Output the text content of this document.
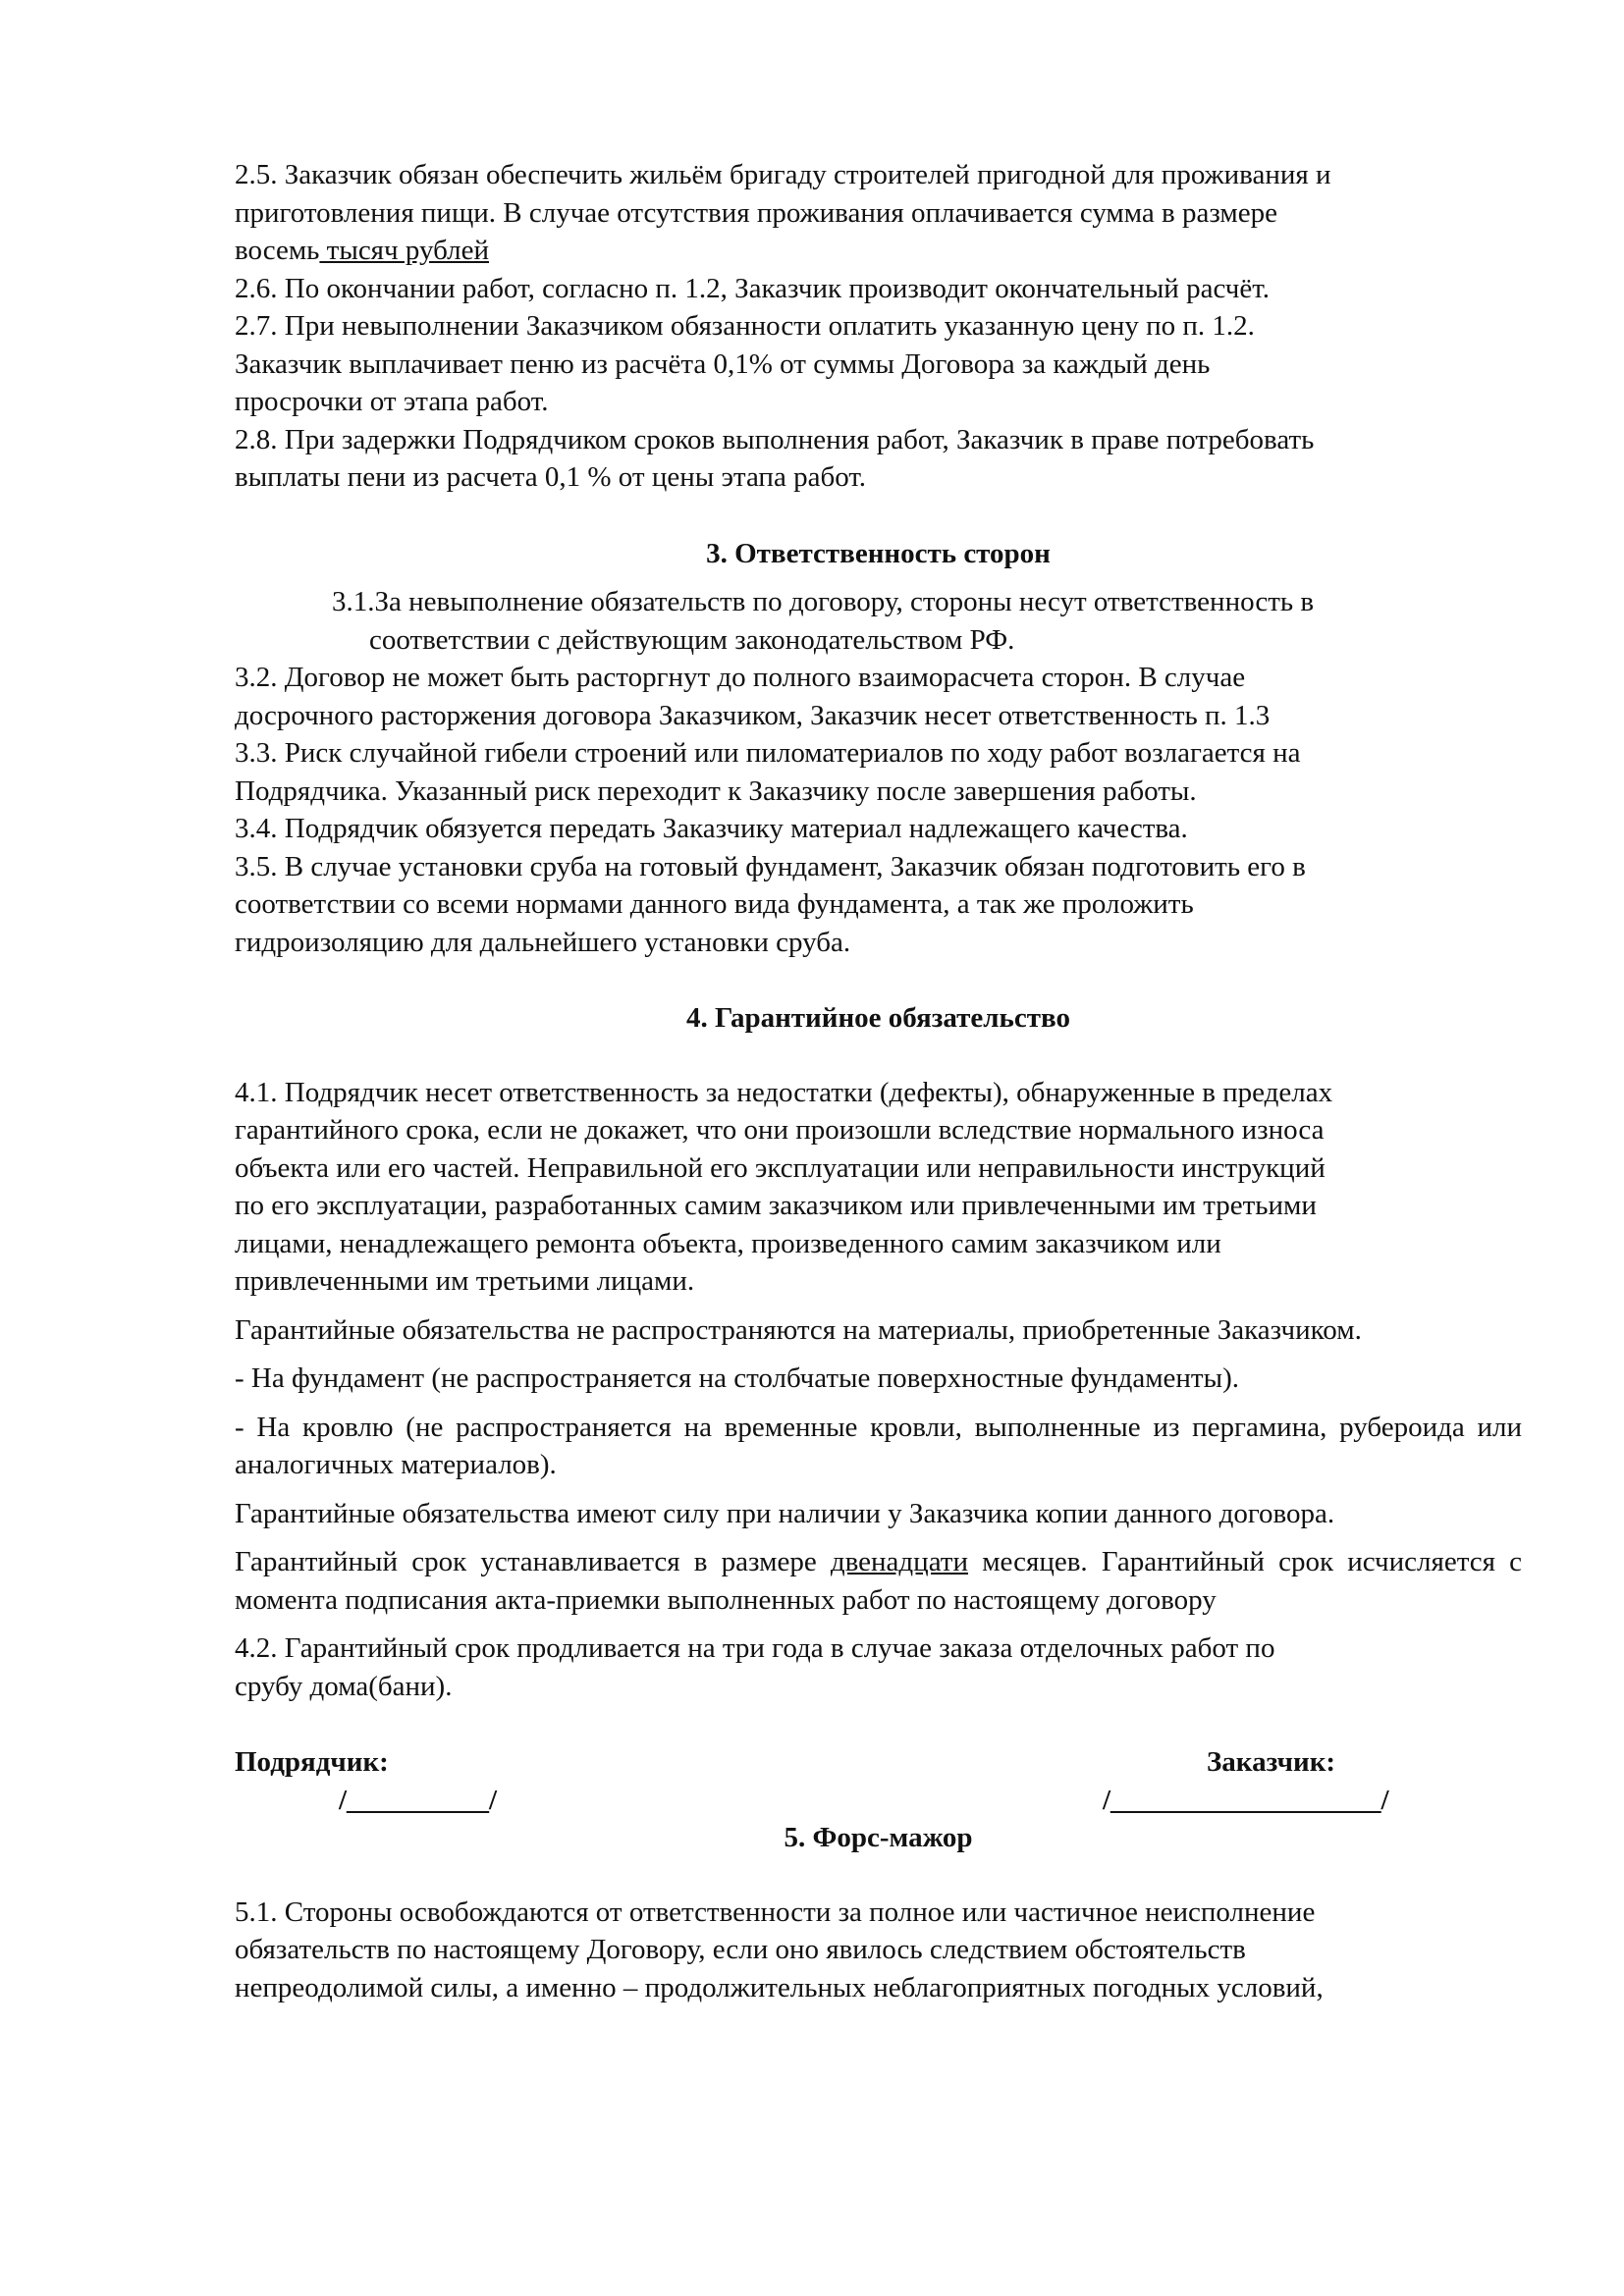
2.5. Заказчик обязан обеспечить жильём бригаду строителей пригодной для проживания и
приготовления пищи. В случае отсутствия проживания оплачивается сумма в размере
восемь тысяч рублей

2.6. По окончании работ, согласно п. 1.2, Заказчик производит окончательный расчёт.

2.7. При невыполнении Заказчиком обязанности оплатить указанную цену по п. 1.2.
Заказчик выплачивает пеню из расчёта 0,1% от суммы Договора за каждый день
просрочки от этапа работ.

2.8. При задержки Подрядчиком сроков выполнения работ, Заказчик в праве потребовать
выплаты пени из расчета 0,1 % от цены этапа работ.

3. Ответственность сторон

3.1.За невыполнение обязательств по договору, стороны несут ответственность в

соответствии с действующим законодательством РФ.

3.2. Договор не может быть расторгнут до полного взаиморасчета сторон. В случае
досрочного расторжения договора Заказчиком, Заказчик несет ответственность п. 1.3

3.3. Риск случайной гибели строений или пиломатериалов по ходу работ возлагается на
Подрядчика. Указанный риск переходит к Заказчику после завершения работы.

3.4. Подрядчик обязуется передать Заказчику материал надлежащего качества.

3.5. В случае установки сруба на готовый фундамент, Заказчик обязан подготовить его в
соответствии со всеми нормами данного вида фундамента, а так же проложить
гидроизоляцию для дальнейшего установки сруба.

4. Гарантийное обязательство

4.1. Подрядчик несет ответственность за недостатки (дефекты), обнаруженные в пределах
гарантийного срока, если не докажет, что они произошли вследствие нормального износа
объекта или его частей. Неправильной его эксплуатации или неправильности инструкций
по его эксплуатации, разработанных самим заказчиком или привлеченными им третьими
лицами, ненадлежащего ремонта объекта, произведенного самим заказчиком или
привлеченными им третьими лицами.

Гарантийные обязательства не распространяются на материалы, приобретенные Заказчиком.

- На фундамент (не распространяется на столбчатые поверхностные фундаменты).

- На кровлю (не распространяется на временные кровли, выполненные из пергамина, рубероида или аналогичных материалов).

Гарантийные обязательства имеют силу при наличии у Заказчика копии данного договора.

Гарантийный срок устанавливается в размере двенадцати месяцев. Гарантийный срок исчисляется с момента подписания акта-приемки выполненных работ по настоящему договору

4.2. Гарантийный срок продливается на три года в случае заказа отделочных работ по
срубу дома(бани).

Подрядчик:	Заказчик:
/__________/	/___________________/

5. Форс-мажор

5.1. Стороны освобождаются от ответственности за полное или частичное неисполнение
обязательств по настоящему Договору, если оно явилось следствием обстоятельств
непреодолимой силы, а именно – продолжительных неблагоприятных погодных условий,
